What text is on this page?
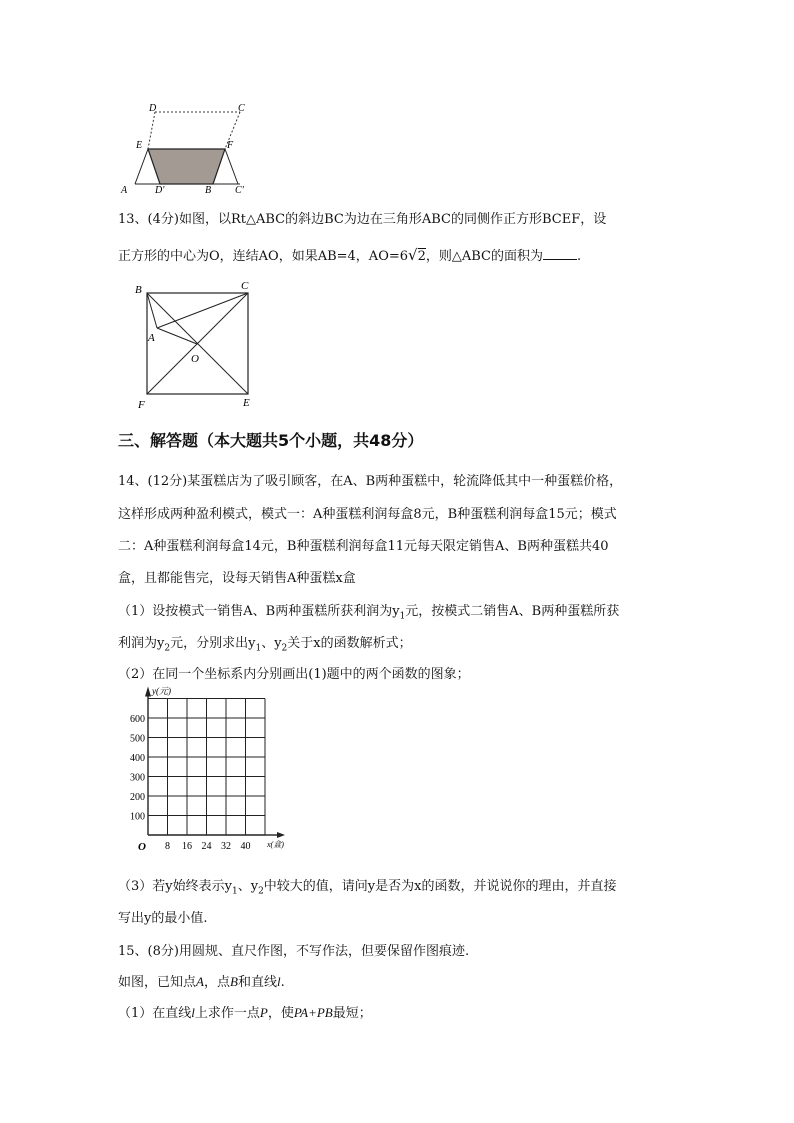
D	C
E	F
A	D'	B C'
13、(4分)如图，以Rt△ABC的斜边BC为边在三角形ABC的同侧作正方形BCEF，设
正方形的中心为O，连结AO，如果AB=4，AO=6√2，则△ABC的面积为	.
B	C
A
O
F	E
三、解答题（本大题共5个小题，共48分）
14、(12分)某蛋糕店为了吸引顾客，在A、B两种蛋糕中，轮流降低其中一种蛋糕价格，
这样形成两种盈利模式，模式一：A种蛋糕利润每盒8元，B种蛋糕利润每盒15元；模式
二：A种蛋糕利润每盒14元，B种蛋糕利润每盒11元每天限定销售A、B两种蛋糕共40
盒，且都能售完，设每天销售A种蛋糕x盒
（1）设按模式一销售A、B两种蛋糕所获利润为$y_1$元，按模式二销售A、B两种蛋糕所获
利润为$y_2$元，分别求出$y_1$、$y_2$关于x的函数解析式；
（2）在同一个坐标系内分别画出(1)题中的两个函数的图象；
y(元)
x(盒)
O 8 16 24 32 40
100
200
300
400
500
600
（3）若y始终表示$y_1$、$y_2$中较大的值，请问y是否为x的函数，并说说你的理由，并直接
写出y的最小值.
15、(8分)用圆规、直尺作图，不写作法，但要保留作图痕迹.
如图，已知点A，点B和直线l.
（1）在直线l上求作一点P，使PA+PB最短；
